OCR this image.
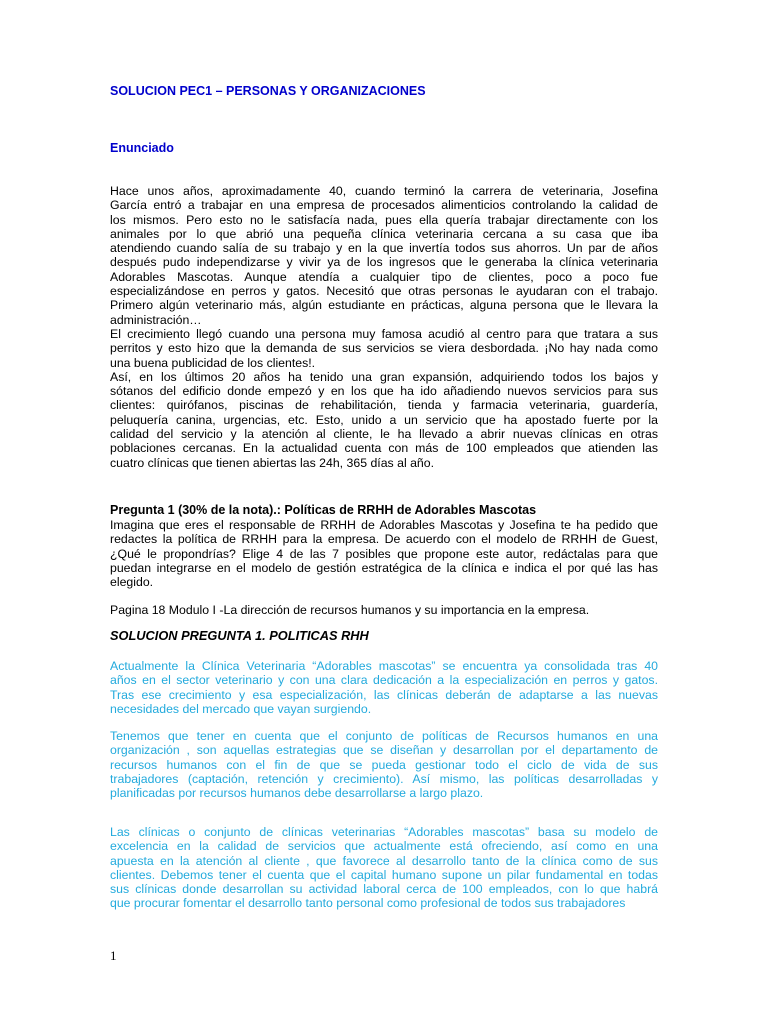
SOLUCION PEC1 – PERSONAS Y ORGANIZACIONES
Enunciado
Hace unos años, aproximadamente 40, cuando terminó la carrera de veterinaria, Josefina
García entró a trabajar en una empresa de procesados alimenticios controlando la calidad de
los mismos. Pero esto no le satisfacía nada, pues ella quería trabajar directamente con los
animales por lo que abrió una pequeña clínica veterinaria cercana a su casa que iba
atendiendo cuando salía de su trabajo y en la que invertía todos sus ahorros. Un par de años
después pudo independizarse y vivir ya de los ingresos que le generaba la clínica veterinaria
Adorables Mascotas. Aunque atendía a cualquier tipo de clientes, poco a poco fue
especializándose en perros y gatos. Necesitó que otras personas le ayudaran con el trabajo.
Primero algún veterinario más, algún estudiante en prácticas, alguna persona que le llevara la
administración…
El crecimiento llegó cuando una persona muy famosa acudió al centro para que tratara a sus
perritos y esto hizo que la demanda de sus servicios se viera desbordada. ¡No hay nada como
una buena publicidad de los clientes!.
Así, en los últimos 20 años ha tenido una gran expansión, adquiriendo todos los bajos y
sótanos del edificio donde empezó y en los que ha ido añadiendo nuevos servicios para sus
clientes: quirófanos, piscinas de rehabilitación, tienda y farmacia veterinaria, guardería,
peluquería canina, urgencias, etc. Esto, unido a un servicio que ha apostado fuerte por la
calidad del servicio y la atención al cliente, le ha llevado a abrir nuevas clínicas en otras
poblaciones cercanas. En la actualidad cuenta con más de 100 empleados que atienden las
cuatro clínicas que tienen abiertas las 24h, 365 días al año.
Pregunta 1 (30% de la nota).: Políticas de RRHH de Adorables Mascotas
Imagina que eres el responsable de RRHH de Adorables Mascotas y Josefina te ha pedido que
redactes la política de RRHH para la empresa. De acuerdo con el modelo de RRHH de Guest,
¿Qué le propondrías? Elige 4 de las 7 posibles que propone este autor, redáctalas para que
puedan integrarse en el modelo de gestión estratégica de la clínica e indica el por qué las has
elegido.
Pagina 18 Modulo I -La dirección de recursos humanos y su importancia en la empresa.
SOLUCION PREGUNTA 1. POLITICAS RHH
Actualmente la Clínica Veterinaria “Adorables mascotas” se encuentra ya consolidada tras 40
años en el sector veterinario y con una clara dedicación a la especialización en perros y gatos.
Tras ese crecimiento y esa especialización, las clínicas deberán de adaptarse a las nuevas
necesidades del mercado que vayan surgiendo.
Tenemos que tener en cuenta que el conjunto de políticas de Recursos humanos en una
organización , son aquellas estrategias que se diseñan y desarrollan por el departamento de
recursos humanos con el fin de que se pueda gestionar todo el ciclo de vida de sus
trabajadores (captación, retención y crecimiento). Así mismo, las políticas desarrolladas y
planificadas por recursos humanos debe desarrollarse a largo plazo.
Las clínicas o conjunto de clínicas veterinarias “Adorables mascotas” basa su modelo de
excelencia en la calidad de servicios que actualmente está ofreciendo, así como en una
apuesta en la atención al cliente , que favorece al desarrollo tanto de la clínica como de sus
clientes. Debemos tener el cuenta que el capital humano supone un pilar fundamental en todas
sus clínicas donde desarrollan su actividad laboral cerca de 100 empleados, con lo que habrá
que procurar fomentar el desarrollo tanto personal como profesional de todos sus trabajadores
1
